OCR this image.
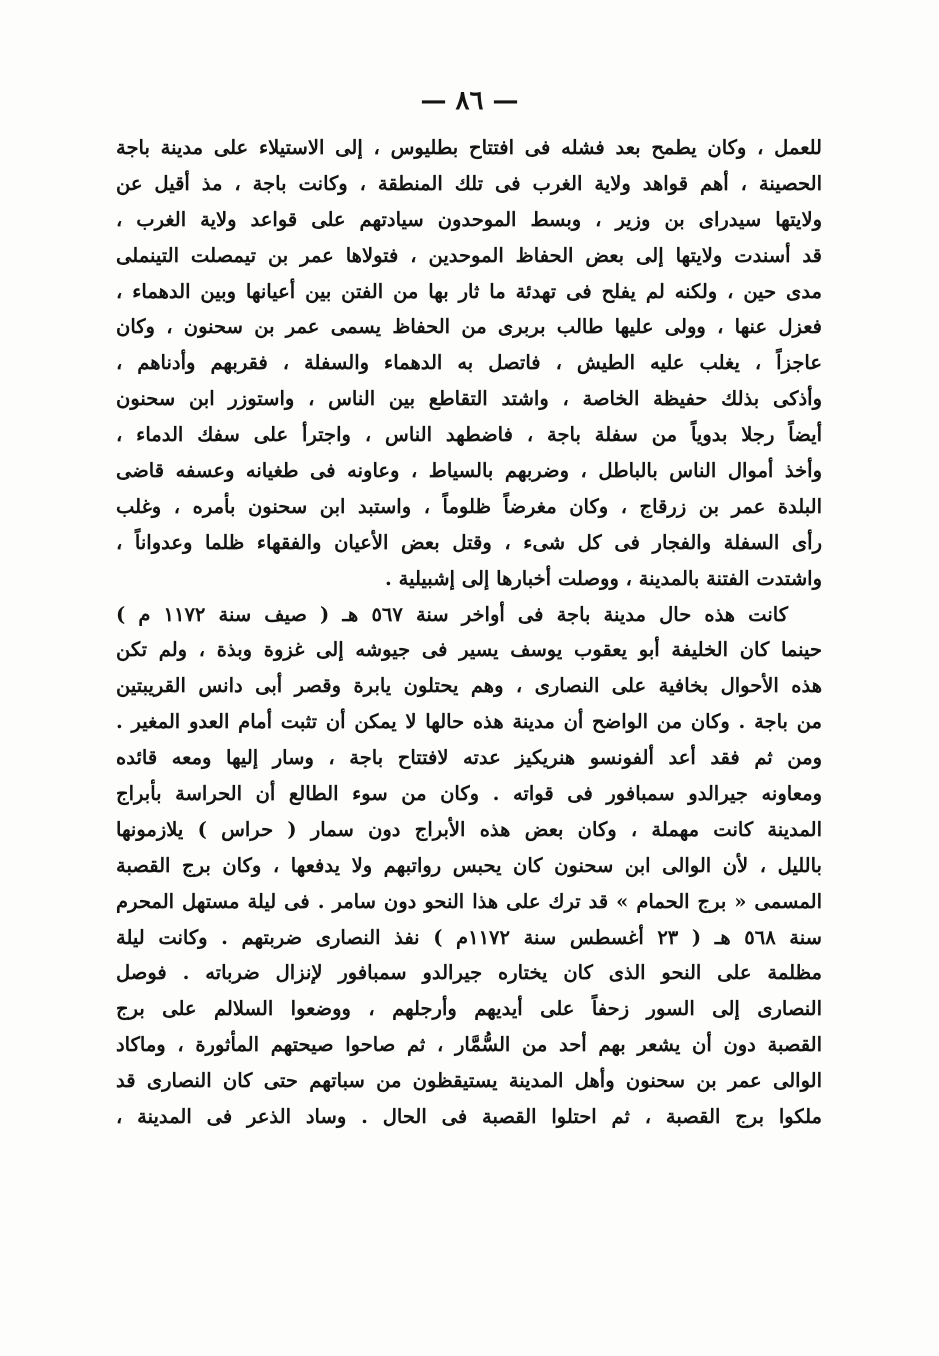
— ٨٦ —
للعمل ، وكان يطمح بعد فشله فى افتتاح بطليوس ، إلى الاستيلاء على مدينة باجة
الحصينة ، أهم قواهد ولاية الغرب فى تلك المنطقة ، وكانت باجة ، مذ أقيل عن
ولايتها سيدراى بن وزير ، وبسط الموحدون سيادتهم على قواعد ولاية الغرب ،
قد أسندت ولايتها إلى بعض الحفاظ الموحدين ، فتولاها عمر بن تيمصلت التينملى
مدى حين ، ولكنه لم يفلح فى تهدئة ما ثار بها من الفتن بين أعيانها وبين الدهماء ،
فعزل عنها ، وولى عليها طالب بربرى من الحفاظ يسمى عمر بن سحنون ، وكان
عاجزاً ، يغلب عليه الطيش ، فاتصل به الدهماء والسفلة ، فقربهم وأدناهم ،
وأذكى بذلك حفيظة الخاصة ، واشتد التقاطع بين الناس ، واستوزر ابن سحنون
أيضاً رجلا بدوياً من سفلة باجة ، فاضطهد الناس ، واجترأ على سفك الدماء ،
وأخذ أموال الناس بالباطل ، وضربهم بالسياط ، وعاونه فى طغيانه وعسفه قاضى
البلدة عمر بن زرقاج ، وكان مغرضاً ظلوماً ، واستبد ابن سحنون بأمره ، وغلب
رأى السفلة والفجار فى كل شىء ، وقتل بعض الأعيان والفقهاء ظلما وعدواناً ،
واشتدت الفتنة بالمدينة ، ووصلت أخبارها إلى إشبيلية .
كانت هذه حال مدينة باجة فى أواخر سنة ٥٦٧ هـ ( صيف سنة ١١٧٢ م )
حينما كان الخليفة أبو يعقوب يوسف يسير فى جيوشه إلى غزوة وبذة ، ولم تكن
هذه الأحوال بخافية على النصارى ، وهم يحتلون يابرة وقصر أبى دانس القريبتين
من باجة . وكان من الواضح أن مدينة هذه حالها لا يمكن أن تثبت أمام العدو المغير .
ومن ثم فقد أعد ألفونسو هنريكيز عدته لافتتاح باجة ، وسار إليها ومعه قائده
ومعاونه جيرالدو سمبافور فى قواته . وكان من سوء الطالع أن الحراسة بأبراج
المدينة كانت مهملة ، وكان بعض هذه الأبراج دون سمار ( حراس ) يلازمونها
بالليل ، لأن الوالى ابن سحنون كان يحبس رواتبهم ولا يدفعها ، وكان برج القصبة
المسمى « برج الحمام » قد ترك على هذا النحو دون سامر . فى ليلة مستهل المحرم
سنة ٥٦٨ هـ ( ٢٣ أغسطس سنة ١١٧٢م ) نفذ النصارى ضربتهم . وكانت ليلة
مظلمة على النحو الذى كان يختاره جيرالدو سمبافور لإنزال ضرباته . فوصل
النصارى إلى السور زحفاً على أيديهم وأرجلهم ، ووضعوا السلالم على برج
القصبة دون أن يشعر بهم أحد من السُّمَّار ، ثم صاحوا صيحتهم المأثورة ، وماكاد
الوالى عمر بن سحنون وأهل المدينة يستيقظون من سباتهم حتى كان النصارى قد
ملكوا برج القصبة ، ثم احتلوا القصبة فى الحال . وساد الذعر فى المدينة ،
